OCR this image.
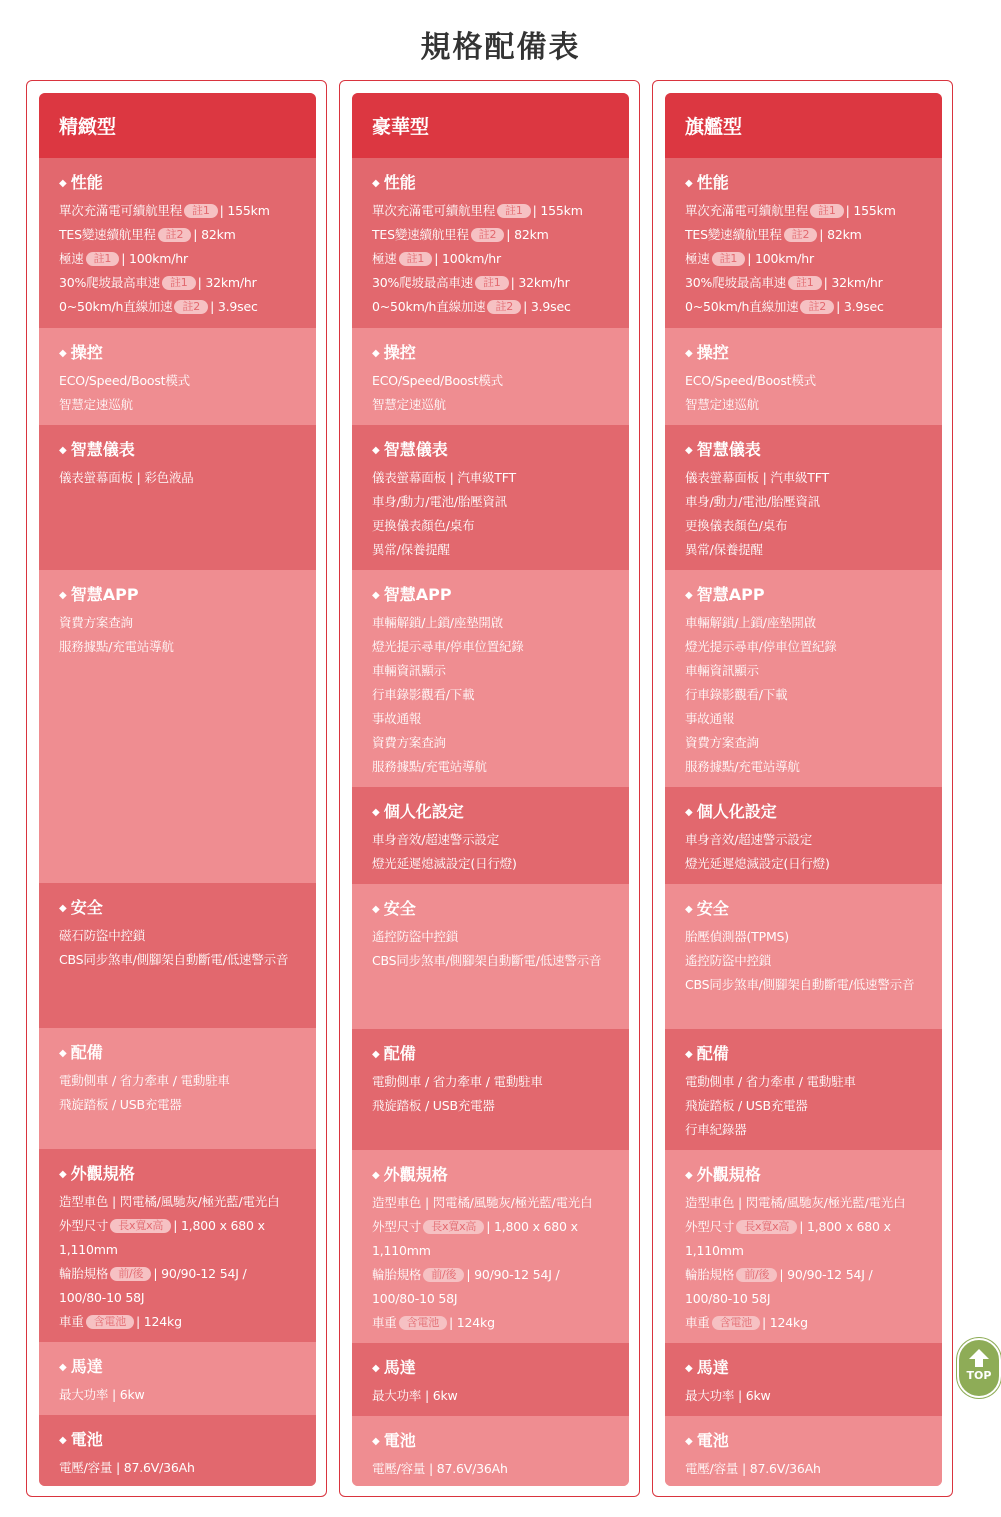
規格配備表
精緻型
◆ 性能
單次充滿電可續航里程 註1 | 155km
TES變速續航里程 註2 | 82km
極速 註1 | 100km/hr
30%爬坡最高車速 註1 | 32km/hr
0~50km/h直線加速 註2 | 3.9sec
◆ 操控
ECO/Speed/Boost模式
智慧定速巡航
◆ 智慧儀表
儀表螢幕面板 | 彩色液晶
◆ 智慧APP
資費方案查詢
服務據點/充電站導航
◆ 安全
磁石防盜中控鎖
CBS同步煞車/側腳架自動斷電/低速警示音
◆ 配備
電動側車 / 省力牽車 / 電動駐車
飛旋踏板 / USB充電器
◆ 外觀規格
造型車色 | 閃電橘/風馳灰/極光藍/電光白
外型尺寸 長x寬x高 | 1,800 x 680 x 1,110mm
輪胎規格 前/後 | 90/90-12 54J / 100/80-10 58J
車重 含電池 | 124kg
◆ 馬達
最大功率 | 6kw
◆ 電池
電壓/容量 | 87.6V/36Ah
豪華型
◆ 性能
單次充滿電可續航里程 註1 | 155km
TES變速續航里程 註2 | 82km
極速 註1 | 100km/hr
30%爬坡最高車速 註1 | 32km/hr
0~50km/h直線加速 註2 | 3.9sec
◆ 操控
ECO/Speed/Boost模式
智慧定速巡航
◆ 智慧儀表
儀表螢幕面板 | 汽車級TFT
車身/動力/電池/胎壓資訊
更換儀表顏色/桌布
異常/保養提醒
◆ 智慧APP
車輛解鎖/上鎖/座墊開啟
燈光提示尋車/停車位置紀錄
車輛資訊顯示
行車錄影觀看/下載
事故通報
資費方案查詢
服務據點/充電站導航
◆ 個人化設定
車身音效/超速警示設定
燈光延遲熄滅設定(日行燈)
◆ 安全
遙控防盜中控鎖
CBS同步煞車/側腳架自動斷電/低速警示音
◆ 配備
電動側車 / 省力牽車 / 電動駐車
飛旋踏板 / USB充電器
◆ 外觀規格
造型車色 | 閃電橘/風馳灰/極光藍/電光白
外型尺寸 長x寬x高 | 1,800 x 680 x 1,110mm
輪胎規格 前/後 | 90/90-12 54J / 100/80-10 58J
車重 含電池 | 124kg
◆ 馬達
最大功率 | 6kw
◆ 電池
電壓/容量 | 87.6V/36Ah
旗艦型
◆ 性能
單次充滿電可續航里程 註1 | 155km
TES變速續航里程 註2 | 82km
極速 註1 | 100km/hr
30%爬坡最高車速 註1 | 32km/hr
0~50km/h直線加速 註2 | 3.9sec
◆ 操控
ECO/Speed/Boost模式
智慧定速巡航
◆ 智慧儀表
儀表螢幕面板 | 汽車級TFT
車身/動力/電池/胎壓資訊
更換儀表顏色/桌布
異常/保養提醒
◆ 智慧APP
車輛解鎖/上鎖/座墊開啟
燈光提示尋車/停車位置紀錄
車輛資訊顯示
行車錄影觀看/下載
事故通報
資費方案查詢
服務據點/充電站導航
◆ 個人化設定
車身音效/超速警示設定
燈光延遲熄滅設定(日行燈)
◆ 安全
胎壓偵測器(TPMS)
遙控防盜中控鎖
CBS同步煞車/側腳架自動斷電/低速警示音
◆ 配備
電動側車 / 省力牽車 / 電動駐車
飛旋踏板 / USB充電器
行車紀錄器
◆ 外觀規格
造型車色 | 閃電橘/風馳灰/極光藍/電光白
外型尺寸 長x寬x高 | 1,800 x 680 x 1,110mm
輪胎規格 前/後 | 90/90-12 54J / 100/80-10 58J
車重 含電池 | 124kg
◆ 馬達
最大功率 | 6kw
◆ 電池
電壓/容量 | 87.6V/36Ah
TOP
